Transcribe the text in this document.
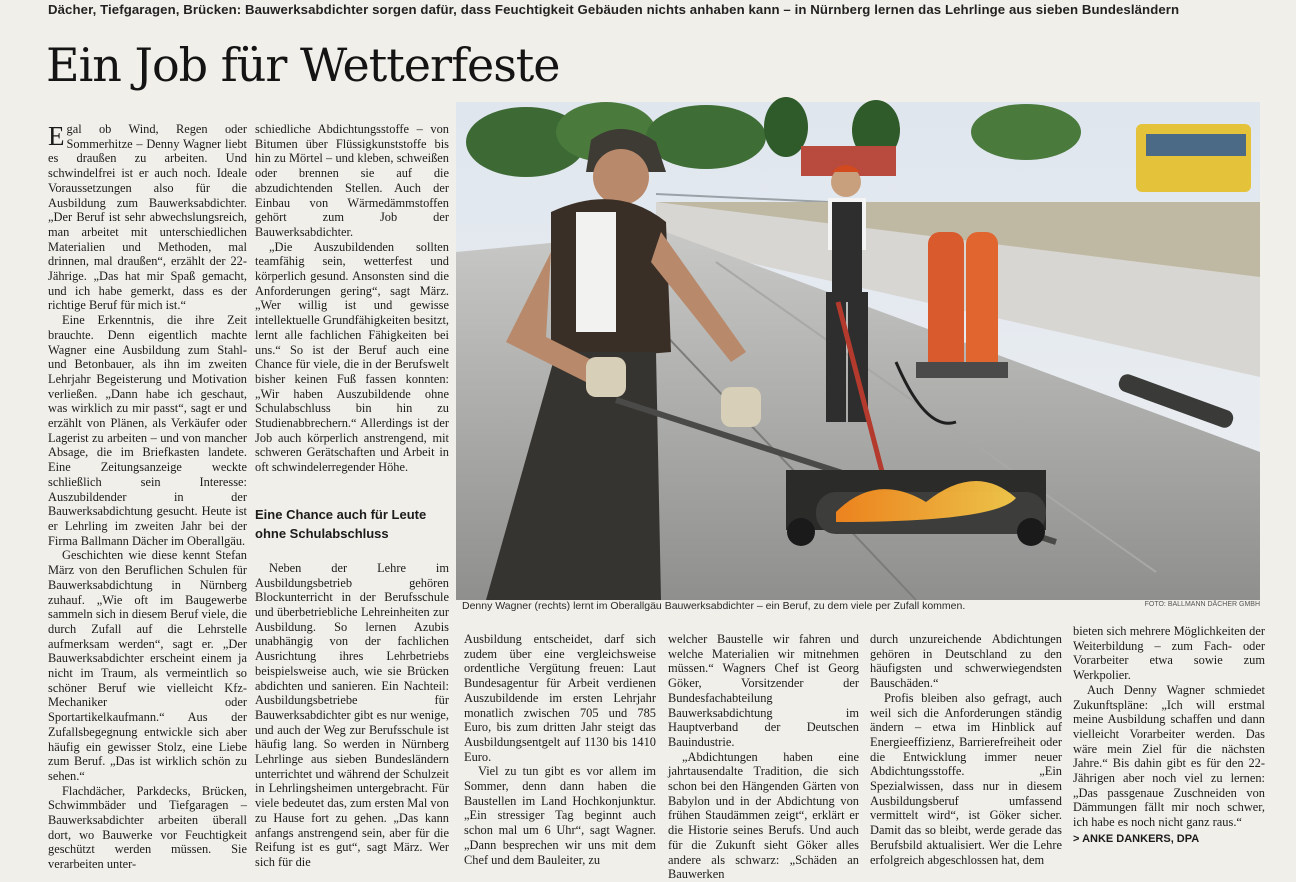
Dächer, Tiefgaragen, Brücken: Bauwerksabdichter sorgen dafür, dass Feuchtigkeit Gebäuden nichts anhaben kann – in Nürnberg lernen das Lehrlinge aus sieben Bundesländern
Ein Job für Wetterfeste

Egal ob Wind, Regen oder Sommerhitze – Denny Wagner liebt es draußen zu arbeiten. Und schwindelfrei ist er auch noch. Ideale Voraussetzungen also für die Ausbildung zum Bauwerksabdichter. „Der Beruf ist sehr abwechslungsreich, man arbeitet mit unterschiedlichen Materialien und Methoden, mal drinnen, mal draußen“, erzählt der 22-Jährige. „Das hat mir Spaß gemacht, und ich habe gemerkt, dass es der richtige Beruf für mich ist.“

Eine Erkenntnis, die ihre Zeit brauchte. Denn eigentlich machte Wagner eine Ausbildung zum Stahl- und Betonbauer, als ihn im zweiten Lehrjahr Begeisterung und Motivation verließen. „Dann habe ich geschaut, was wirklich zu mir passt“, sagt er und erzählt von Plänen, als Verkäufer oder Lagerist zu arbeiten – und von mancher Absage, die im Briefkasten landete. Eine Zeitungsanzeige weckte schließlich sein Interesse: Auszubildender in der Bauwerksabdichtung gesucht. Heute ist er Lehrling im zweiten Jahr bei der Firma Ballmann Dächer im Oberallgäu.

Geschichten wie diese kennt Stefan März von den Beruflichen Schulen für Bauwerksabdichtung in Nürnberg zuhauf. „Wie oft im Baugewerbe sammeln sich in diesem Beruf viele, die durch Zufall auf die Lehrstelle aufmerksam werden“, sagt er. „Der Bauwerksabdichter erscheint einem ja nicht im Traum, als vermeintlich so schöner Beruf wie vielleicht Kfz-Mechaniker oder Sportartikelkaufmann.“ Aus der Zufallsbegegnung entwickle sich aber häufig ein gewisser Stolz, eine Liebe zum Beruf. „Das ist wirklich schön zu sehen.“

Flachdächer, Parkdecks, Brücken, Schwimmbäder und Tiefgaragen – Bauwerksabdichter arbeiten überall dort, wo Bauwerke vor Feuchtigkeit geschützt werden müssen. Sie verarbeiten unter-

schiedliche Abdichtungsstoffe – von Bitumen über Flüssigkunststoffe bis hin zu Mörtel – und kleben, schweißen oder brennen sie auf die abzudichtenden Stellen. Auch der Einbau von Wärmedämmstoffen gehört zum Job der Bauwerksabdichter.

„Die Auszubildenden sollten teamfähig sein, wetterfest und körperlich gesund. Ansonsten sind die Anforderungen gering“, sagt März. „Wer willig ist und gewisse intellektuelle Grundfähigkeiten besitzt, lernt alle fachlichen Fähigkeiten bei uns.“ So ist der Beruf auch eine Chance für viele, die in der Berufswelt bisher keinen Fuß fassen konnten: „Wir haben Auszubildende ohne Schulabschluss bin hin zu Studienabbrechern.“ Allerdings ist der Job auch körperlich anstrengend, mit schweren Gerätschaften und Arbeit in oft schwindelerregender Höhe.

Eine Chance auch für Leute ohne Schulabschluss

Neben der Lehre im Ausbildungsbetrieb gehören Blockunterricht in der Berufsschule und überbetriebliche Lehreinheiten zur Ausbildung. So lernen Azubis unabhängig von der fachlichen Ausrichtung ihres Lehrbetriebs beispielsweise auch, wie sie Brücken abdichten und sanieren. Ein Nachteil: Ausbildungsbetriebe für Bauwerksabdichter gibt es nur wenige, und auch der Weg zur Berufsschule ist häufig lang. So werden in Nürnberg Lehrlinge aus sieben Bundesländern unterrichtet und während der Schulzeit in Lehrlingsheimen untergebracht. Für viele bedeutet das, zum ersten Mal von zu Hause fort zu gehen. „Das kann anfangs anstrengend sein, aber für die Reifung ist es gut“, sagt März. Wer sich für die

Denny Wagner (rechts) lernt im Oberallgäu Bauwerksabdichter – ein Beruf, zu dem viele per Zufall kommen.	FOTO: BALLMANN DÄCHER GMBH

Ausbildung entscheidet, darf sich zudem über eine vergleichsweise ordentliche Vergütung freuen: Laut Bundesagentur für Arbeit verdienen Auszubildende im ersten Lehrjahr monatlich zwischen 705 und 785 Euro, bis zum dritten Jahr steigt das Ausbildungsentgelt auf 1130 bis 1410 Euro.

Viel zu tun gibt es vor allem im Sommer, denn dann haben die Baustellen im Land Hochkonjunktur. „Ein stressiger Tag beginnt auch schon mal um 6 Uhr“, sagt Wagner. „Dann besprechen wir uns mit dem Chef und dem Bauleiter, zu

welcher Baustelle wir fahren und welche Materialien wir mitnehmen müssen.“ Wagners Chef ist Georg Göker, Vorsitzender der Bundesfachabteilung Bauwerksabdichtung im Hauptverband der Deutschen Bauindustrie.

„Abdichtungen haben eine jahrtausendalte Tradition, die sich schon bei den Hängenden Gärten von Babylon und in der Abdichtung von frühen Staudämmen zeigt“, erklärt er die Historie seines Berufs. Und auch für die Zukunft sieht Göker alles andere als schwarz: „Schäden an Bauwerken

durch unzureichende Abdichtungen gehören in Deutschland zu den häufigsten und schwerwiegendsten Bauschäden.“

Profis bleiben also gefragt, auch weil sich die Anforderungen ständig ändern – etwa im Hinblick auf Energieeffizienz, Barrierefreiheit oder die Entwicklung immer neuer Abdichtungsstoffe. „Ein Spezialwissen, dass nur in diesem Ausbildungsberuf umfassend vermittelt wird“, ist Göker sicher. Damit das so bleibt, werde gerade das Berufsbild aktualisiert. Wer die Lehre erfolgreich abgeschlossen hat, dem

bieten sich mehrere Möglichkeiten der Weiterbildung – zum Fach- oder Vorarbeiter etwa sowie zum Werkpolier.

Auch Denny Wagner schmiedet Zukunftspläne: „Ich will erstmal meine Ausbildung schaffen und dann vielleicht Vorarbeiter werden. Das wäre mein Ziel für die nächsten Jahre.“ Bis dahin gibt es für den 22-Jährigen aber noch viel zu lernen: „Das passgenaue Zuschneiden von Dämmungen fällt mir noch schwer, ich habe es noch nicht ganz raus.“

> ANKE DANKERS, DPA
